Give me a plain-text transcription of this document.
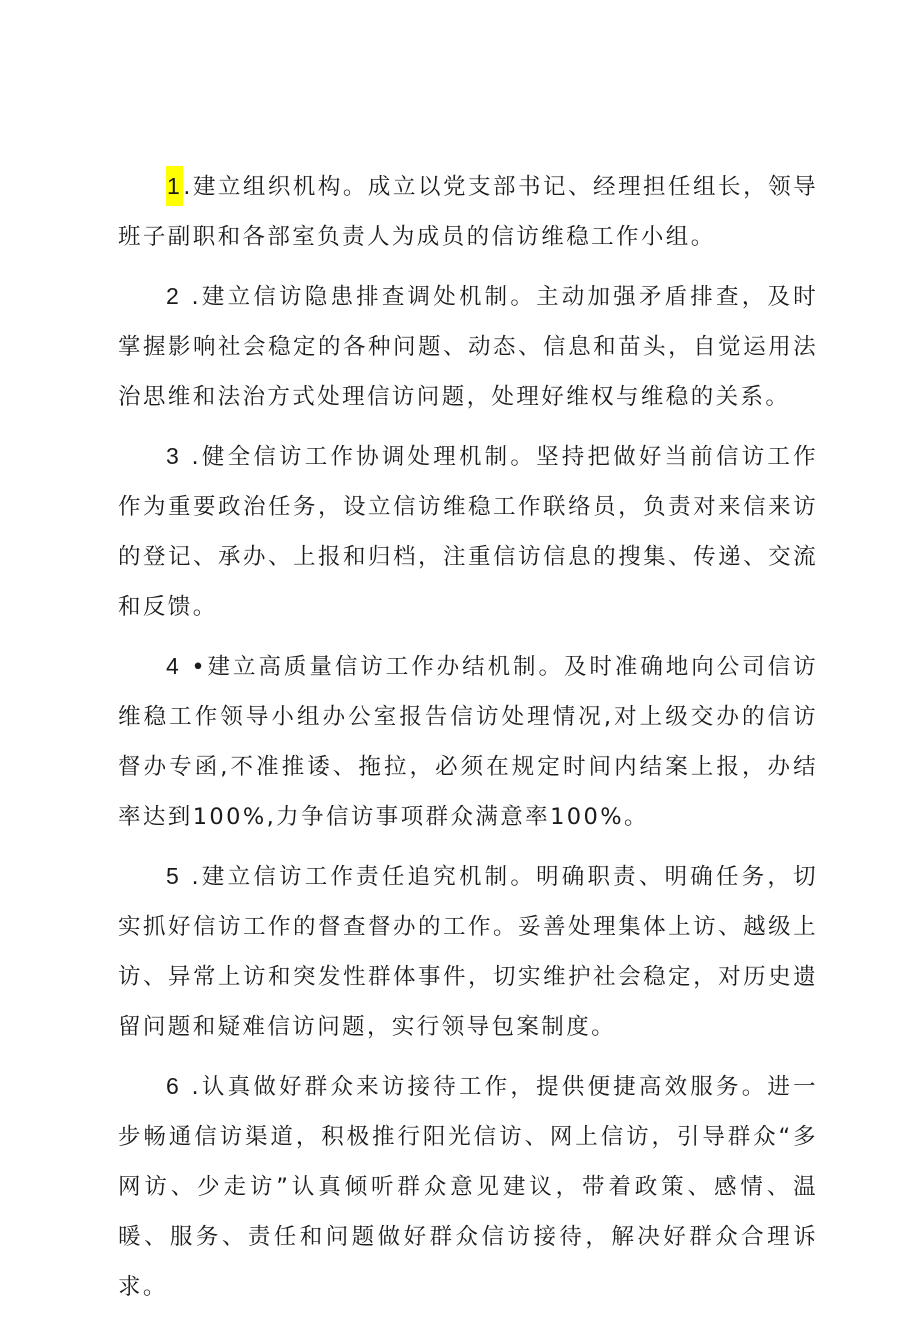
1.建立组织机构。成立以党支部书记、经理担任组长，领导班子副职和各部室负责人为成员的信访维稳工作小组。

2 .建立信访隐患排查调处机制。主动加强矛盾排查，及时掌握影响社会稳定的各种问题、动态、信息和苗头，自觉运用法治思维和法治方式处理信访问题，处理好维权与维稳的关系。

3 .健全信访工作协调处理机制。坚持把做好当前信访工作作为重要政治任务，设立信访维稳工作联络员，负责对来信来访的登记、承办、上报和归档，注重信访信息的搜集、传递、交流和反馈。

4 •建立高质量信访工作办结机制。及时准确地向公司信访维稳工作领导小组办公室报告信访处理情况,对上级交办的信访督办专函,不准推诿、拖拉，必须在规定时间内结案上报，办结率达到100%,力争信访事项群众满意率100%。

5 .建立信访工作责任追究机制。明确职责、明确任务，切实抓好信访工作的督查督办的工作。妥善处理集体上访、越级上访、异常上访和突发性群体事件，切实维护社会稳定，对历史遗留问题和疑难信访问题，实行领导包案制度。

6 .认真做好群众来访接待工作，提供便捷高效服务。进一步畅通信访渠道，积极推行阳光信访、网上信访，引导群众“多网访、少走访”认真倾听群众意见建议，带着政策、感情、温暖、服务、责任和问题做好群众信访接待，解决好群众合理诉求。
